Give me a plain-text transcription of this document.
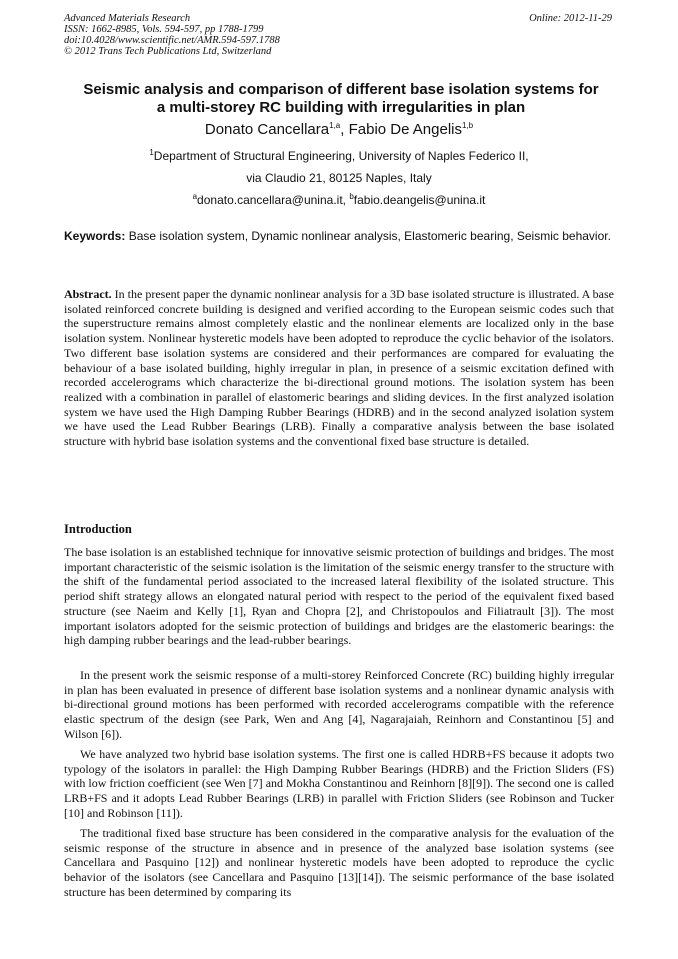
Advanced Materials Research
ISSN: 1662-8985, Vols. 594-597, pp 1788-1799
doi:10.4028/www.scientific.net/AMR.594-597.1788
© 2012 Trans Tech Publications Ltd, Switzerland
Online: 2012-11-29
Seismic analysis and comparison of different base isolation systems for
a multi-storey RC building with irregularities in plan
Donato Cancellara$^{1,a}$, Fabio De Angelis$^{1,b}$
$^1$Department of Structural Engineering, University of Naples Federico II,
via Claudio 21, 80125 Naples, Italy
$^a$donato.cancellara@unina.it, $^b$fabio.deangelis@unina.it
Keywords: Base isolation system, Dynamic nonlinear analysis, Elastomeric bearing, Seismic behavior.
Abstract. In the present paper the dynamic nonlinear analysis for a 3D base isolated structure is illustrated. A base isolated reinforced concrete building is designed and verified according to the European seismic codes such that the superstructure remains almost completely elastic and the nonlinear elements are localized only in the base isolation system. Nonlinear hysteretic models have been adopted to reproduce the cyclic behavior of the isolators. Two different base isolation systems are considered and their performances are compared for evaluating the behaviour of a base isolated building, highly irregular in plan, in presence of a seismic excitation defined with recorded accelerograms which characterize the bi-directional ground motions. The isolation system has been realized with a combination in parallel of elastomeric bearings and sliding devices. In the first analyzed isolation system we have used the High Damping Rubber Bearings (HDRB) and in the second analyzed isolation system we have used the Lead Rubber Bearings (LRB). Finally a comparative analysis between the base isolated structure with hybrid base isolation systems and the conventional fixed base structure is detailed.
Introduction
The base isolation is an established technique for innovative seismic protection of buildings and bridges. The most important characteristic of the seismic isolation is the limitation of the seismic energy transfer to the structure with the shift of the fundamental period associated to the increased lateral flexibility of the isolated structure. This period shift strategy allows an elongated natural period with respect to the period of the equivalent fixed based structure (see Naeim and Kelly [1], Ryan and Chopra [2], and Christopoulos and Filiatrault [3]). The most important isolators adopted for the seismic protection of buildings and bridges are the elastomeric bearings: the high damping rubber bearings and the lead-rubber bearings.
In the present work the seismic response of a multi-storey Reinforced Concrete (RC) building highly irregular in plan has been evaluated in presence of different base isolation systems and a nonlinear dynamic analysis with bi-directional ground motions has been performed with recorded accelerograms compatible with the reference elastic spectrum of the design (see Park, Wen and Ang [4], Nagarajaiah, Reinhorn and Constantinou [5] and Wilson [6]).
We have analyzed two hybrid base isolation systems. The first one is called HDRB+FS because it adopts two typology of the isolators in parallel: the High Damping Rubber Bearings (HDRB) and the Friction Sliders (FS) with low friction coefficient (see Wen [7] and Mokha Constantinou and Reinhorn [8][9]). The second one is called LRB+FS and it adopts Lead Rubber Bearings (LRB) in parallel with Friction Sliders (see Robinson and Tucker [10] and Robinson [11]).
The traditional fixed base structure has been considered in the comparative analysis for the evaluation of the seismic response of the structure in absence and in presence of the analyzed base isolation systems (see Cancellara and Pasquino [12]) and nonlinear hysteretic models have been adopted to reproduce the cyclic behavior of the isolators (see Cancellara and Pasquino [13][14]). The seismic performance of the base isolated structure has been determined by comparing its
